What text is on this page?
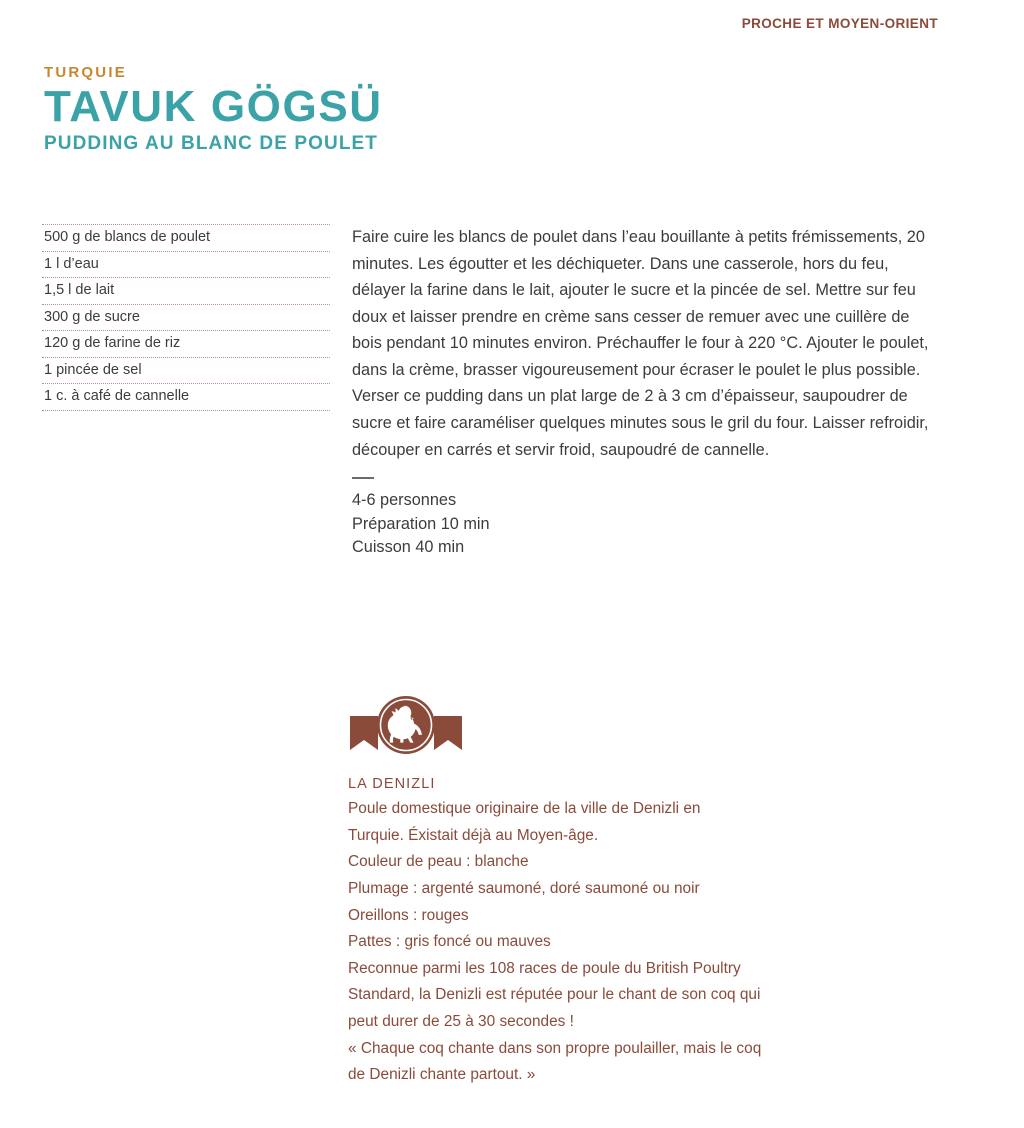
PROCHE ET MOYEN-ORIENT

TURQUIE

TAVUK GÖGSÜ

PUDDING AU BLANC DE POULET

500 g de blancs de poulet
1 l d’eau
1,5 l de lait
300 g de sucre
120 g de farine de riz
1 pincée de sel
1 c. à café de cannelle

Faire cuire les blancs de poulet dans l’eau bouillante à petits frémissements, 20 minutes. Les égoutter et les déchiqueter. Dans une casserole, hors du feu, délayer la farine dans le lait, ajouter le sucre et la pincée de sel. Mettre sur feu doux et laisser prendre en crème sans cesser de remuer avec une cuillère de bois pendant 10 minutes environ. Préchauffer le four à 220 °C. Ajouter le poulet, dans la crème, brasser vigoureusement pour écraser le poulet le plus possible. Verser ce pudding dans un plat large de 2 à 3 cm d’épaisseur, saupoudrer de sucre et faire caraméliser quelques minutes sous le gril du four. Laisser refroidir, découper en carrés et servir froid, saupoudré de cannelle.

4-6 personnes
Préparation 10 min
Cuisson 40 min
LA DENIZLI
Poule domestique originaire de la ville de Denizli en
Turquie. Éxistait déjà au Moyen-âge.
Couleur de peau : blanche
Plumage : argenté saumoné, doré saumoné ou noir
Oreillons : rouges
Pattes : gris foncé ou mauves
Reconnue parmi les 108 races de poule du British Poultry
Standard, la Denizli est réputée pour le chant de son coq qui
peut durer de 25 à 30 secondes !
« Chaque coq chante dans son propre poulailler, mais le coq
de Denizli chante partout. »
